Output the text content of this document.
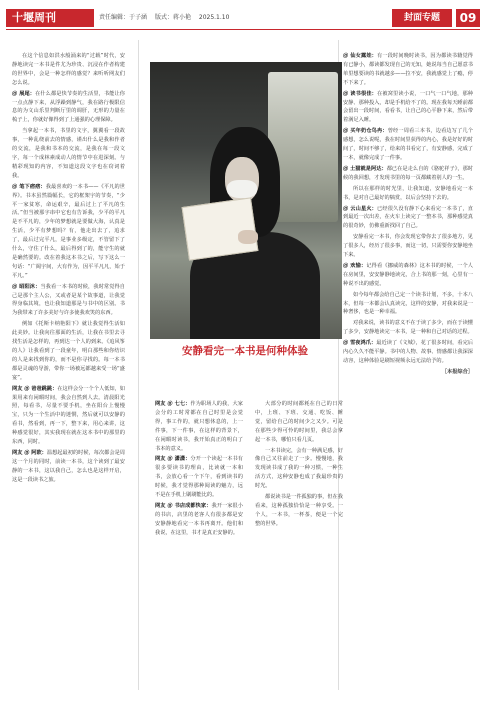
十堰周刊	责任编辑：于子涵 版式：蒋小艳 2025.1.10	封面专题	09

在这个信息如洪水般涌来的“过载”时代，安静地读完一本书是件尤为珍贵、沉浸在作者构建的世界中，会是一种怎样的感觉？来听听网友们怎么说。

＠ 展尾：在什么都是快节奏的生活里，书能让你一点点静下来，从浮躁到静气，我在路行极限信息的为文山乐里判断厅里的调肝，无形的力量在梳子上，你就好像得到了上通强的心理保障。

当拿起一本书，书里的文字，翼翼看一段故事，一种乱绕前去的情感，谨出什么是我和作者的交流，是我和书本的交流，是我在每一段文字，每一个成林素成动人的情节中在进深刻。与精彩现知的内容，不知道这段文字也在窃词着我。

＠ 笔下痞痞：我最喜欢的一本书——《平凡的世界》。书本虽然篇幅长，它的框架宇的节奏，“少平一家贫寒，命运艰辛，最后过上了平凡的生活。”但当被那字串中它也有告诉我，少平的平凡是不平凡的，少年的梦想就是要做大海，认真是生活，少平有梦想吗？有，他走出去了，追求了，最后过完平凡，是事业多级定，不管留下了什么，守住了什么，最后得到了的，能守生的就是确然要的。改在着我这本书之后，写下这么一句话：“广阔宇间，大有作为，因平平凡凡，始于平凡。”

＠ 昭阳沐：当我看一本书的时候，我时常觉得自己是那个主人公，又或者是某个故事道，让我觉得身临其境，也让我知道那是与书中的区别。书为我带来了许多美好与许多使我欢笑的东西。

例如《托斯卡纳艳阳下》就让我觉得生活如此美妙。让我向往那面的生活，让我在书里去寻找生活是怎样的，再到达一个人的到来。《追风筝的人》让我看到了一段童年，明白那些和你结识的人是来找到你的，而不是你寻找的。每一本书都是灵魂的导游，带你一场被远都越来受一场“盛宴”。

网友 ＠ 爸爸跳跳：在这样会分一个个人低知，如果用来有闲暇时间，我会自然到人去。清晨阳光照，每看书，尽量不要手机，坐在阳台上慢慢宝，只为一个生活中的迷惘，然后就可以安静的看书，然看到，再一下，整下来，用心来讲，这种感觉很好，其实我现在就在这本书中的那里的东西，同时。

网友 ＠ 阿欧：温想起最初的时候，每次都会是周这一个月的同时，前读一本书，这个读到了最安静的一本书，这以我自己，怎么也是这样开启，这是一段读书之旅。

安静看完一本书是何种体验

网友 ＠ 七七：作为职场人的我，大家会分的工时常都在自己时里是会觉得，事工作的，就只想休息的，上一件事，下一件事，在这样的背景下，在闲暇时读书，我开始真正的明白了书本的意义。

网友 ＠ 潇潇：分开一个读起一本书有很多要读书的理由，比读就一本和书，会放心看一个下午，看到读书的时候，我才觉得那种阅读的魅力，远不是在手机上刷刷能比的。

网友 ＠ 书店成都快家：我开一家很小的书店，店里的老客人有很多都是安安静静地看完一本书再离开。他们和我说，在这里，书才是真正安静的。

大部分的时间都耗在自己的日常中，上班、下班、交通、吃饭、睡觉，留给自己的时间少之又少。可是在那些少得可怜的时间里，我总会拿起一本书，哪怕只看几页。

一本书读完，会有一种满足感，好像自己又往前走了一步。慢慢地，我发现读书成了我的一种习惯，一种生活方式，这种安静也成了我最珍贵的时光。

都说读书是一件孤独的事，但在我看来，这种孤独恰恰是一种享受。一个人，一本书，一杯茶，便是一个完整的世界。

＠ 仙女露娃：有一段时间晚时读书，因为都读书籍觉得有已静小，都读都发现自己的无知，她说每当自己愿意书单里想要读的书就越多——拉不安，我就感觉上了瘾，停不下来了。

＠ 读书很佳：在被窝里读小说，一口气一口气地，那种安静、那种投入，却是手机给不了的。现在我每天睡前都会留出一段时间，看看书，让自己的心平静下来，然后带着满足入睡。

＠ 买年奶仓鸟冉：曾经一周看三本书，边看边写了几个感想，怎么说呢，我在时间里获得的内心，我是好好的时间了，时间不够了，给来的书看完了，有安静感，完成了一本，就像完成了一件事。

＠ 土猫就是阿达：都已在是走么自的《骆驼祥子》，那时候的我回想，才发现书里的每一页都藏着别人的一生。

所以在那样的时光里，让我知道，安静地看完一本书，是对自己最好的犒赏，以后会坚持下去的。

＠ 云山星火：已经很久没有静下心来看完一本书了，直到最近一次出差，在火车上读完了一整本书，那种感觉真的很奇妙，仿佛重新找回了自己。

安静看完一本书，你会发现它带你去了很多地方，见了很多人，经历了很多事，而这一切，只需要你安静地坐下来。

＠ 欢愉：记得看《挪威的森林》这本书的时候，一个人在房间里，安安静静地读完，合上书的那一刻，心里有一种说不出的感觉。

如今每年都会给自己定一个读书计划，不多，十本八本，但每一本都会认真读完，这样的安静，对我来说是一种奢侈，也是一种幸福。

对我来说，读书的意义不在于读了多少，而在于读懂了多少，安静地读完一本书，是一种和自己对话的过程。

＠ 雪夜鸿爪：最近读了《文城》，花了很多时间，看完后内心久久不能平静。书中的人物、故事、情感都让我深深动容，这种体验是刷短视频永远无法给予的。

［本报综合］
